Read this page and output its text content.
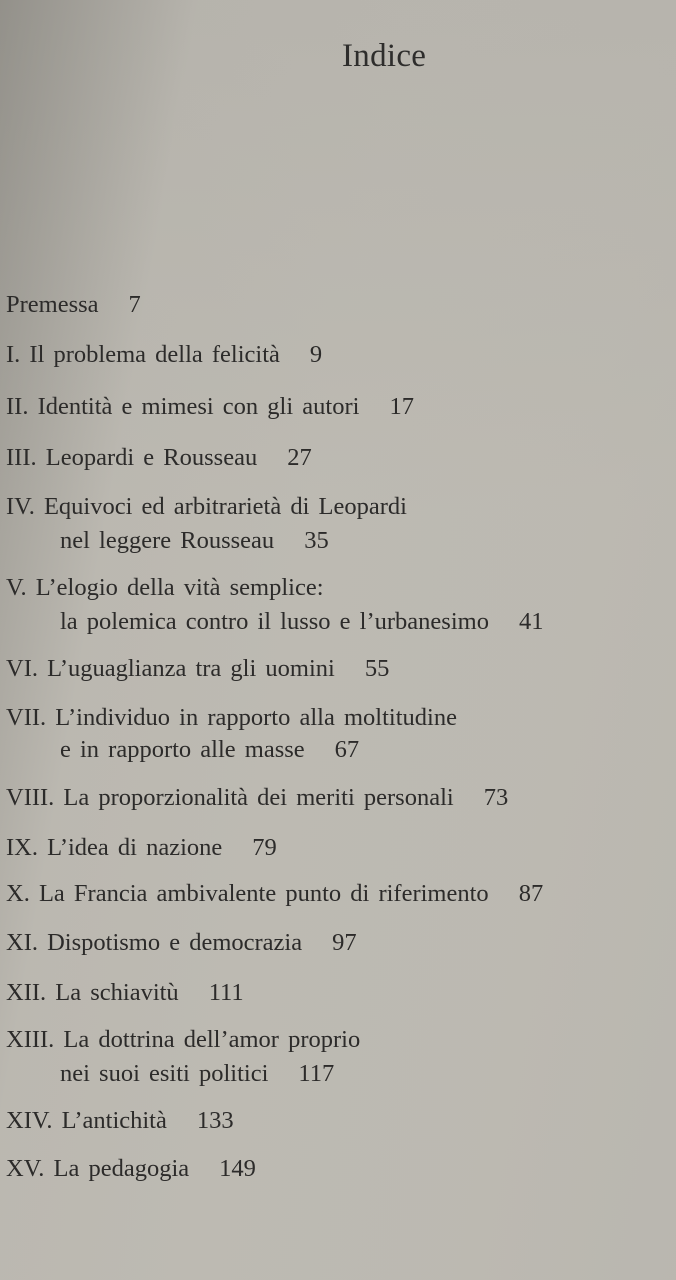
Indice
Premessa 7
I. Il problema della felicità 9
II. Identità e mimesi con gli autori 17
III. Leopardi e Rousseau 27
IV. Equivoci ed arbitrarietà di Leopardi
nel leggere Rousseau 35
V. L’elogio della vità semplice:
la polemica contro il lusso e l’urbanesimo 41
VI. L’uguaglianza tra gli uomini 55
VII. L’individuo in rapporto alla moltitudine
e in rapporto alle masse 67
VIII. La proporzionalità dei meriti personali 73
IX. L’idea di nazione 79
X. La Francia ambivalente punto di riferimento 87
XI. Dispotismo e democrazia 97
XII. La schiavitù 111
XIII. La dottrina dell’amor proprio
nei suoi esiti politici 117
XIV. L’antichità 133
XV. La pedagogia 149
